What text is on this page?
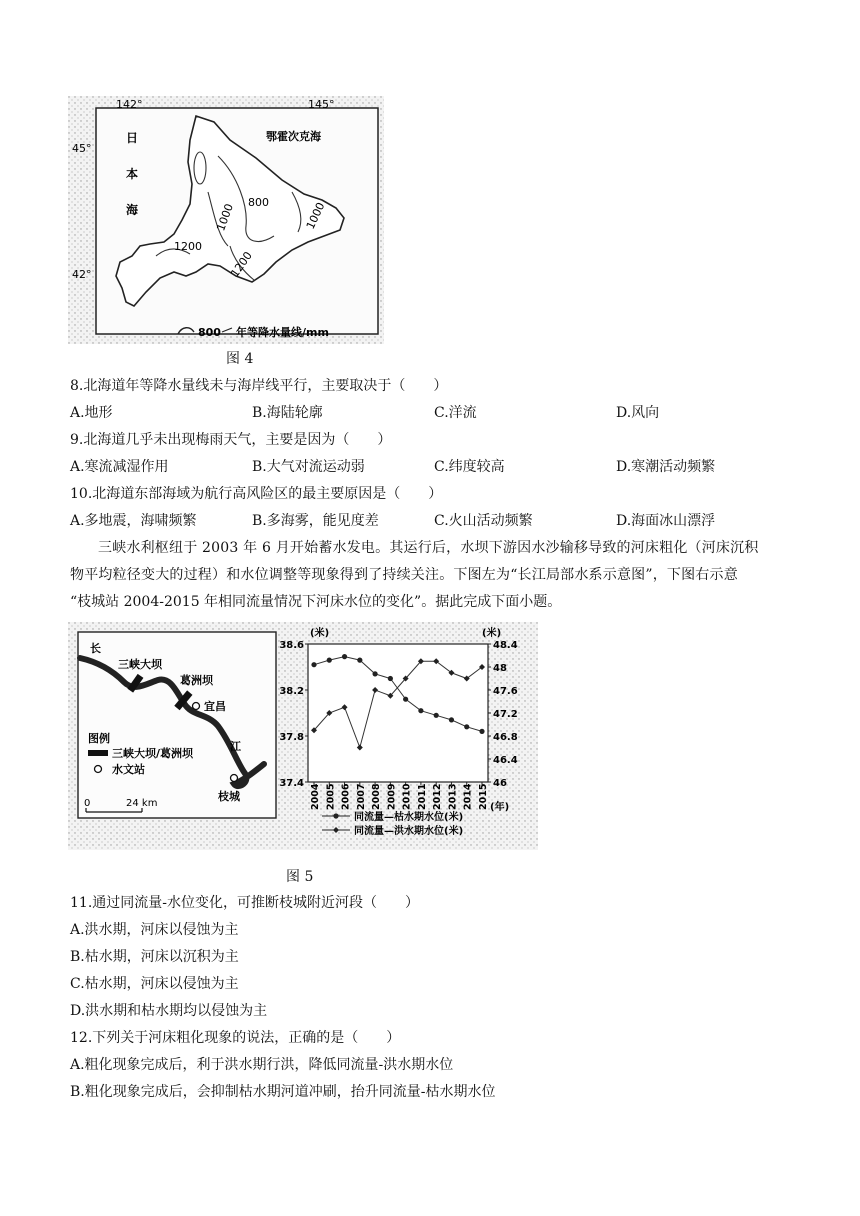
142°	145°
45°
42°
日
本
海
鄂霍次克海
800
1000	1000
1200
1200
800 年等降水量线/mm
图 4
8.北海道年等降水量线未与海岸线平行，主要取决于（　　）
A.地形	B.海陆轮廓	C.洋流	D.风向
9.北海道几乎未出现梅雨天气，主要是因为（　　）
A.寒流减湿作用	B.大气对流运动弱	C.纬度较高	D.寒潮活动频繁
10.北海道东部海域为航行高风险区的最主要原因是（　　）
A.多地震，海啸频繁	B.多海雾，能见度差	C.火山活动频繁	D.海面冰山漂浮
三峡水利枢纽于 2003 年 6 月开始蓄水发电。其运行后，水坝下游因水沙输移导致的河床粗化（河床沉积
物平均粒径变大的过程）和水位调整等现象得到了持续关注。下图左为“长江局部水系示意图”，下图右示意
“枝城站 2004-2015 年相同流量情况下河床水位的变化”。据此完成下面小题。
长
江
三峡大坝
葛洲坝
宜昌
枝城
图例
三峡大坝/葛洲坝
水文站
0	24 km
38.6
38.2
37.8
37.4
48.4
48
47.6
47.2
46.8
46.4
46
(米)	(米)
2004 2005 2006 2007 2008 2009 2010 2011 2012 2013 2014 2015 (年)
同流量—枯水期水位(米)
同流量—洪水期水位(米)
图 5
11.通过同流量-水位变化，可推断枝城附近河段（　　）
A.洪水期，河床以侵蚀为主
B.枯水期，河床以沉积为主
C.枯水期，河床以侵蚀为主
D.洪水期和枯水期均以侵蚀为主
12.下列关于河床粗化现象的说法，正确的是（　　）
A.粗化现象完成后，利于洪水期行洪，降低同流量-洪水期水位
B.粗化现象完成后，会抑制枯水期河道冲刷，抬升同流量-枯水期水位
